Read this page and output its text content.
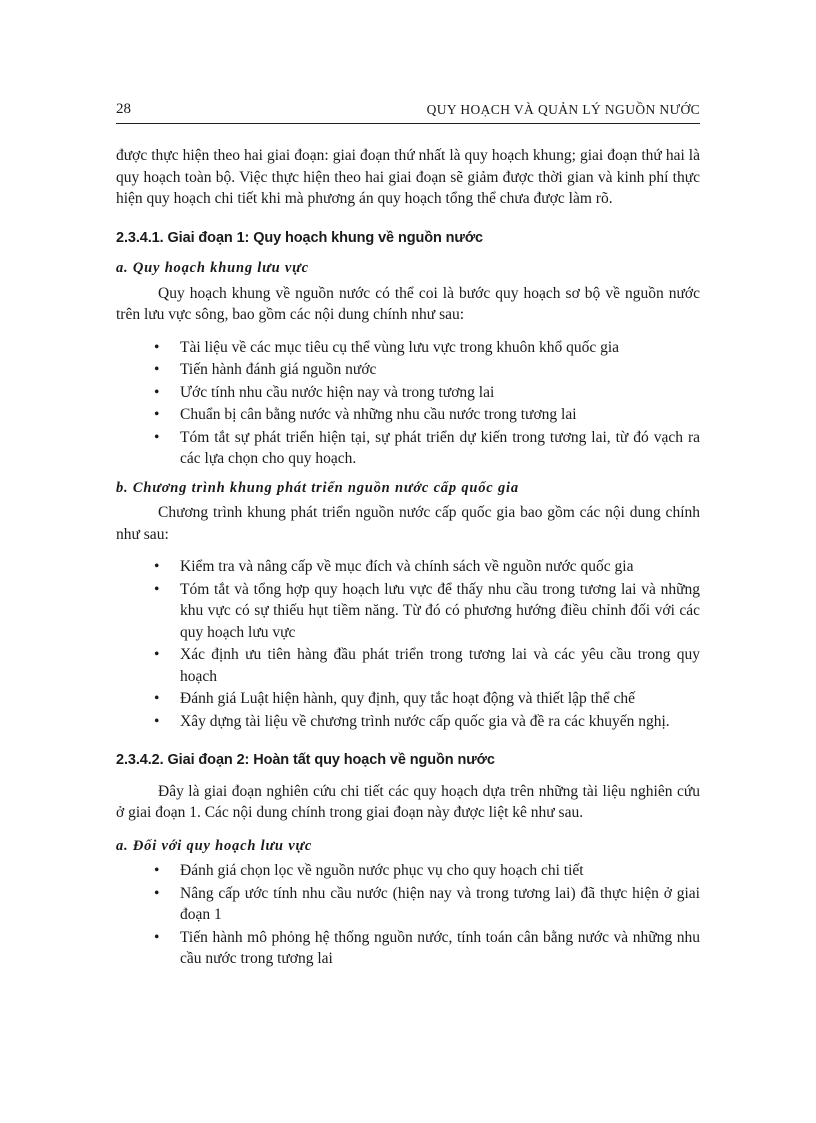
28	QUY HOẠCH VÀ QUẢN LÝ NGUỒN NƯỚC

được thực hiện theo hai giai đoạn: giai đoạn thứ nhất là quy hoạch khung; giai đoạn thứ hai là quy hoạch toàn bộ. Việc thực hiện theo hai giai đoạn sẽ giảm được thời gian và kinh phí thực hiện quy hoạch chi tiết khi mà phương án quy hoạch tổng thể chưa được làm rõ.

2.3.4.1. Giai đoạn 1: Quy hoạch khung về nguồn nước
a. Quy hoạch khung lưu vực

Quy hoạch khung về nguồn nước có thể coi là bước quy hoạch sơ bộ về nguồn nước trên lưu vực sông, bao gồm các nội dung chính như sau:

• Tài liệu về các mục tiêu cụ thể vùng lưu vực trong khuôn khổ quốc gia
• Tiến hành đánh giá nguồn nước
• Ước tính nhu cầu nước hiện nay và trong tương lai
• Chuẩn bị cân bằng nước và những nhu cầu nước trong tương lai
• Tóm tắt sự phát triển hiện tại, sự phát triển dự kiến trong tương lai, từ đó vạch ra các lựa chọn cho quy hoạch.
b. Chương trình khung phát triển nguồn nước cấp quốc gia

Chương trình khung phát triển nguồn nước cấp quốc gia bao gồm các nội dung chính như sau:

• Kiểm tra và nâng cấp về mục đích và chính sách về nguồn nước quốc gia
• Tóm tắt và tổng hợp quy hoạch lưu vực để thấy nhu cầu trong tương lai và những khu vực có sự thiếu hụt tiềm năng. Từ đó có phương hướng điều chỉnh đối với các quy hoạch lưu vực
• Xác định ưu tiên hàng đầu phát triển trong tương lai và các yêu cầu trong quy hoạch
• Đánh giá Luật hiện hành, quy định, quy tắc hoạt động và thiết lập thể chế
• Xây dựng tài liệu về chương trình nước cấp quốc gia và đề ra các khuyến nghị.
2.3.4.2. Giai đoạn 2: Hoàn tất quy hoạch về nguồn nước

Đây là giai đoạn nghiên cứu chi tiết các quy hoạch dựa trên những tài liệu nghiên cứu ở giai đoạn 1. Các nội dung chính trong giai đoạn này được liệt kê như sau.

a. Đối với quy hoạch lưu vực
• Đánh giá chọn lọc về nguồn nước phục vụ cho quy hoạch chi tiết
• Nâng cấp ước tính nhu cầu nước (hiện nay và trong tương lai) đã thực hiện ở giai đoạn 1
• Tiến hành mô phỏng hệ thống nguồn nước, tính toán cân bằng nước và những nhu cầu nước trong tương lai
